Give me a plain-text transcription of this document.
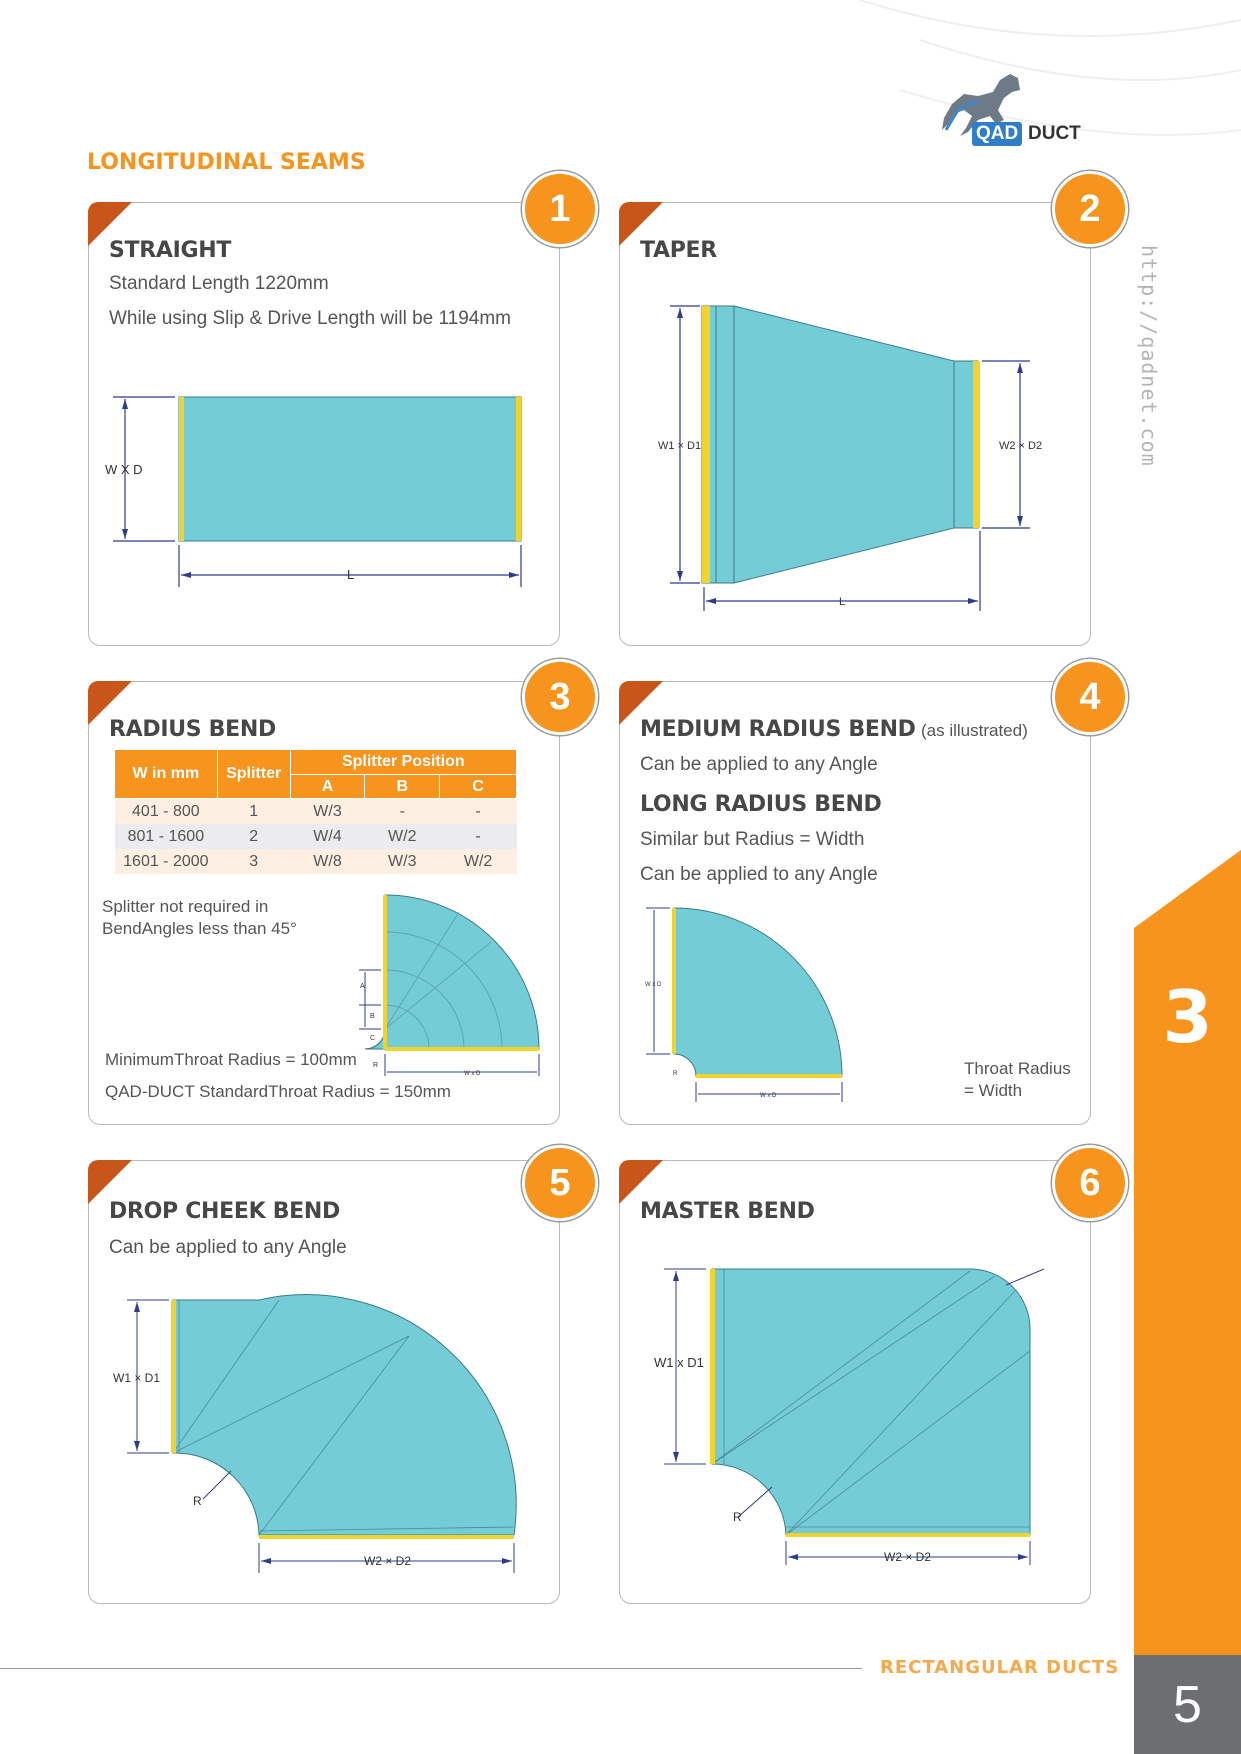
QAD DUCT
LONGITUDINAL SEAMS
http://qadnet.com
3
5
RECTANGULAR DUCTS
STRAIGHT
Standard Length 1220mm
While using Slip & Drive Length will be 1194mm
W X D
L
1
TAPER
W1 × D1	W2 × D2
L
2
RADIUS BEND
W in mm	Splitter	Splitter Position		
		A	B	C
401 - 800	1	W/3	-	-
801 - 1600	2	W/4	W/2	-
1601 - 2000	3	W/8	W/3	W/2
Splitter not required in
BendAngles less than 45°
MinimumThroat Radius = 100mm
QAD-DUCT StandardThroat Radius = 150mm
A
B
C
R
W x D
3
MEDIUM RADIUS BEND (as illustrated)
Can be applied to any Angle
LONG RADIUS BEND
Similar but Radius = Width
Can be applied to any Angle
Throat Radius
= Width
W x D
W x D
R
4
DROP CHEEK BEND
Can be applied to any Angle
W1 × D1
W2 × D2
R
5
MASTER BEND
W1 x D1
W2 × D2
R
6
